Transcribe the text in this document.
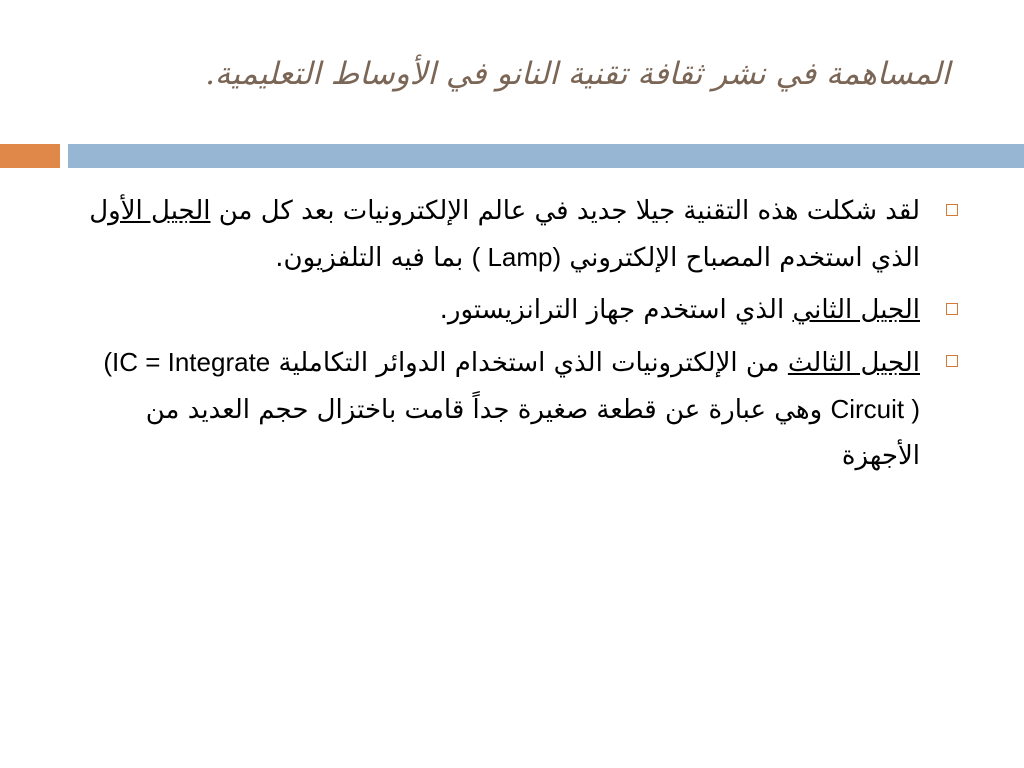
المساهمة في نشر ثقافة تقنية النانو في الأوساط التعليمية.

لقد شكلت هذه التقنية جيلا جديد في عالم الإلكترونيات بعد كل من الجيل الأول الذي استخدم المصباح الإلكتروني ( Lamp) بما فيه التلفزيون.

الجيل الثاني الذي استخدم جهاز الترانزيستور.

الجيل الثالث من الإلكترونيات الذي استخدام الدوائر التكاملية (IC = Integrate Circuit ) وهي عبارة عن قطعة صغيرة جداً قامت باختزال حجم العديد من الأجهزة
